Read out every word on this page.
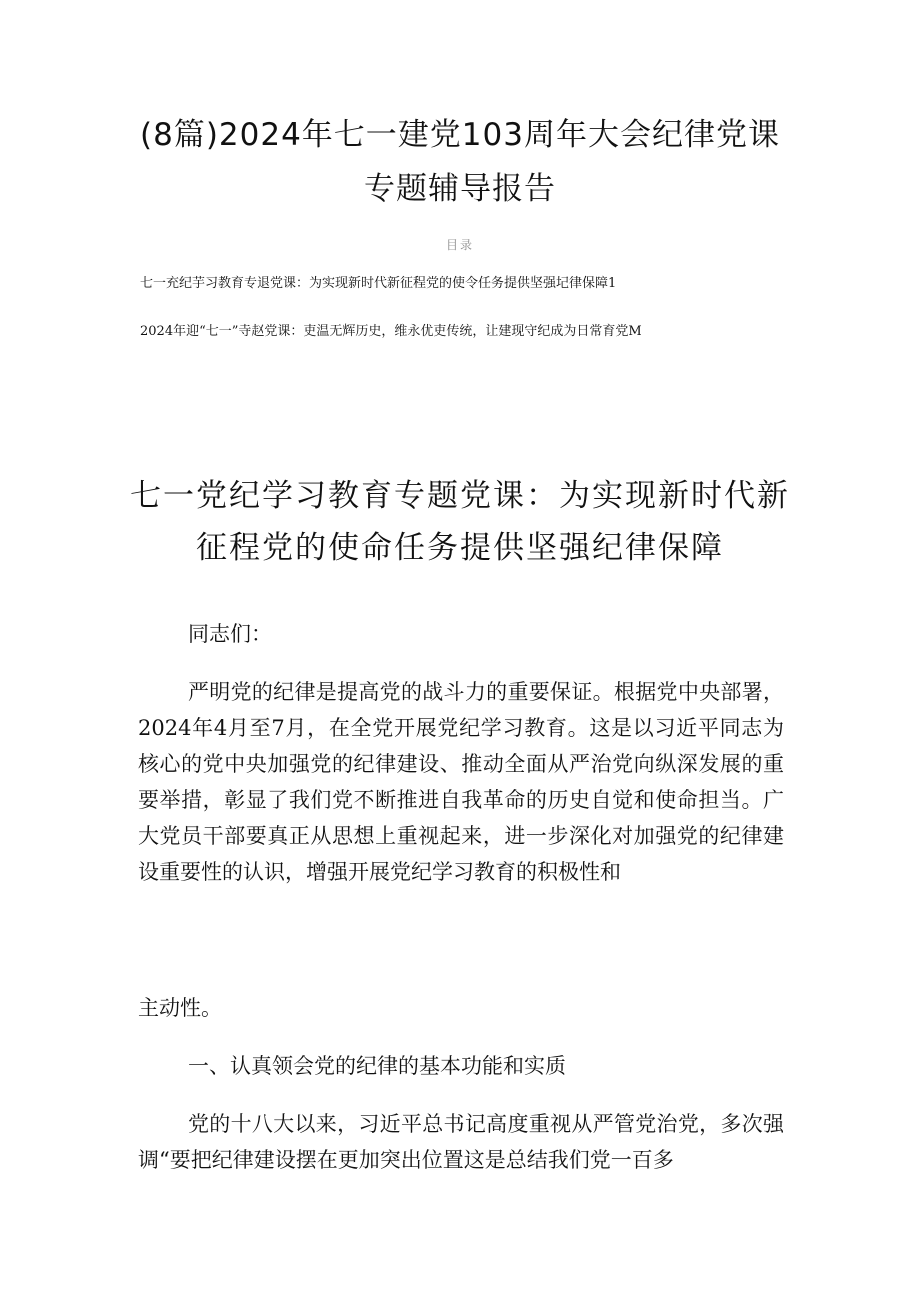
(8篇)2024年七一建党103周年大会纪律党课专题辅导报告
目录
七一充纪芋习教育专退党课：为实现新时代新征程党的使令任务提供坚强圮律保障1
2024年迎“七一”寺赵党课：吏温无辉历史，维永优吏传统，让建现守纪成为日常育党M
七一党纪学习教育专题党课：为实现新时代新征程党的使命任务提供坚强纪律保障

同志们：

严明党的纪律是提高党的战斗力的重要保证。根据党中央部署，2024年4月至7月，在全党开展党纪学习教育。这是以习近平同志为核心的党中央加强党的纪律建设、推动全面从严治党向纵深发展的重要举措，彰显了我们党不断推进自我革命的历史自觉和使命担当。广大党员干部要真正从思想上重视起来，进一步深化对加强党的纪律建设重要性的认识，增强开展党纪学习教育的积极性和

主动性。

一、认真领会党的纪律的基本功能和实质

党的十八大以来，习近平总书记高度重视从严管党治党，多次强调“要把纪律建设摆在更加突出位置这是总结我们党一百多
